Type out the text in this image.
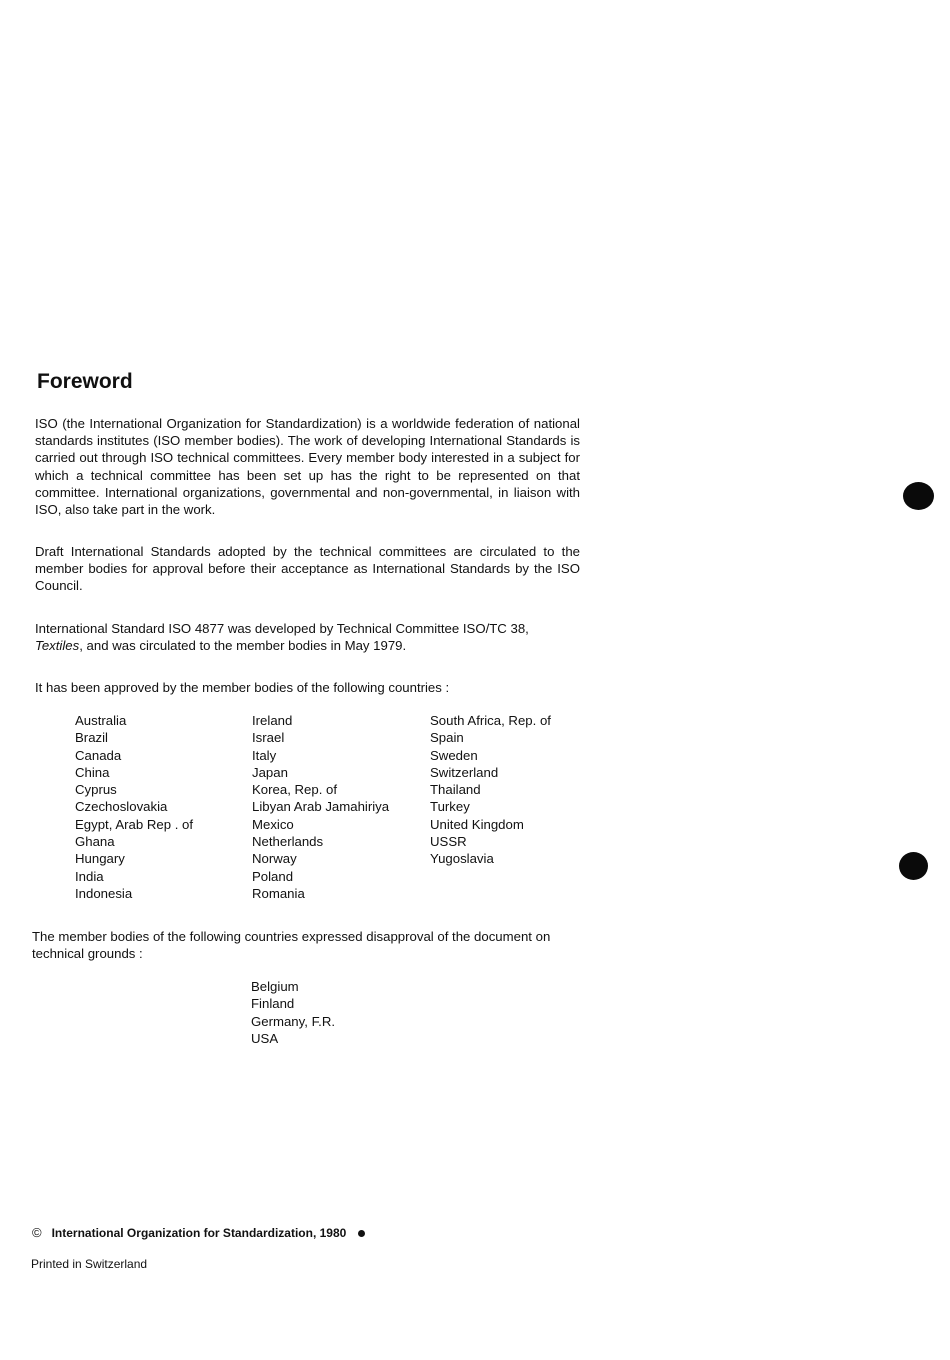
Foreword

ISO (the International Organization for Standardization) is a worldwide federation of national standards institutes (ISO member bodies). The work of developing International Standards is carried out through ISO technical committees. Every member body interested in a subject for which a technical committee has been set up has the right to be represented on that committee. International organizations, governmental and non-governmental, in liaison with ISO, also take part in the work.

Draft International Standards adopted by the technical committees are circulated to the member bodies for approval before their acceptance as International Standards by the ISO Council.

International Standard ISO 4877 was developed by Technical Committee ISO/TC 38, Textiles, and was circulated to the member bodies in May 1979.

It has been approved by the member bodies of the following countries :

Australia
Brazil
Canada
China
Cyprus
Czechoslovakia
Egypt, Arab Rep . of
Ghana
Hungary
India
Indonesia
Ireland
Israel
Italy
Japan
Korea, Rep. of
Libyan Arab Jamahiriya
Mexico
Netherlands
Norway
Poland
Romania
South Africa, Rep. of
Spain
Sweden
Switzerland
Thailand
Turkey
United Kingdom
USSR
Yugoslavia

The member bodies of the following countries expressed disapproval of the document on technical grounds :

Belgium
Finland
Germany, F.R.
USA
© International Organization for Standardization, 1980
Printed in Switzerland
